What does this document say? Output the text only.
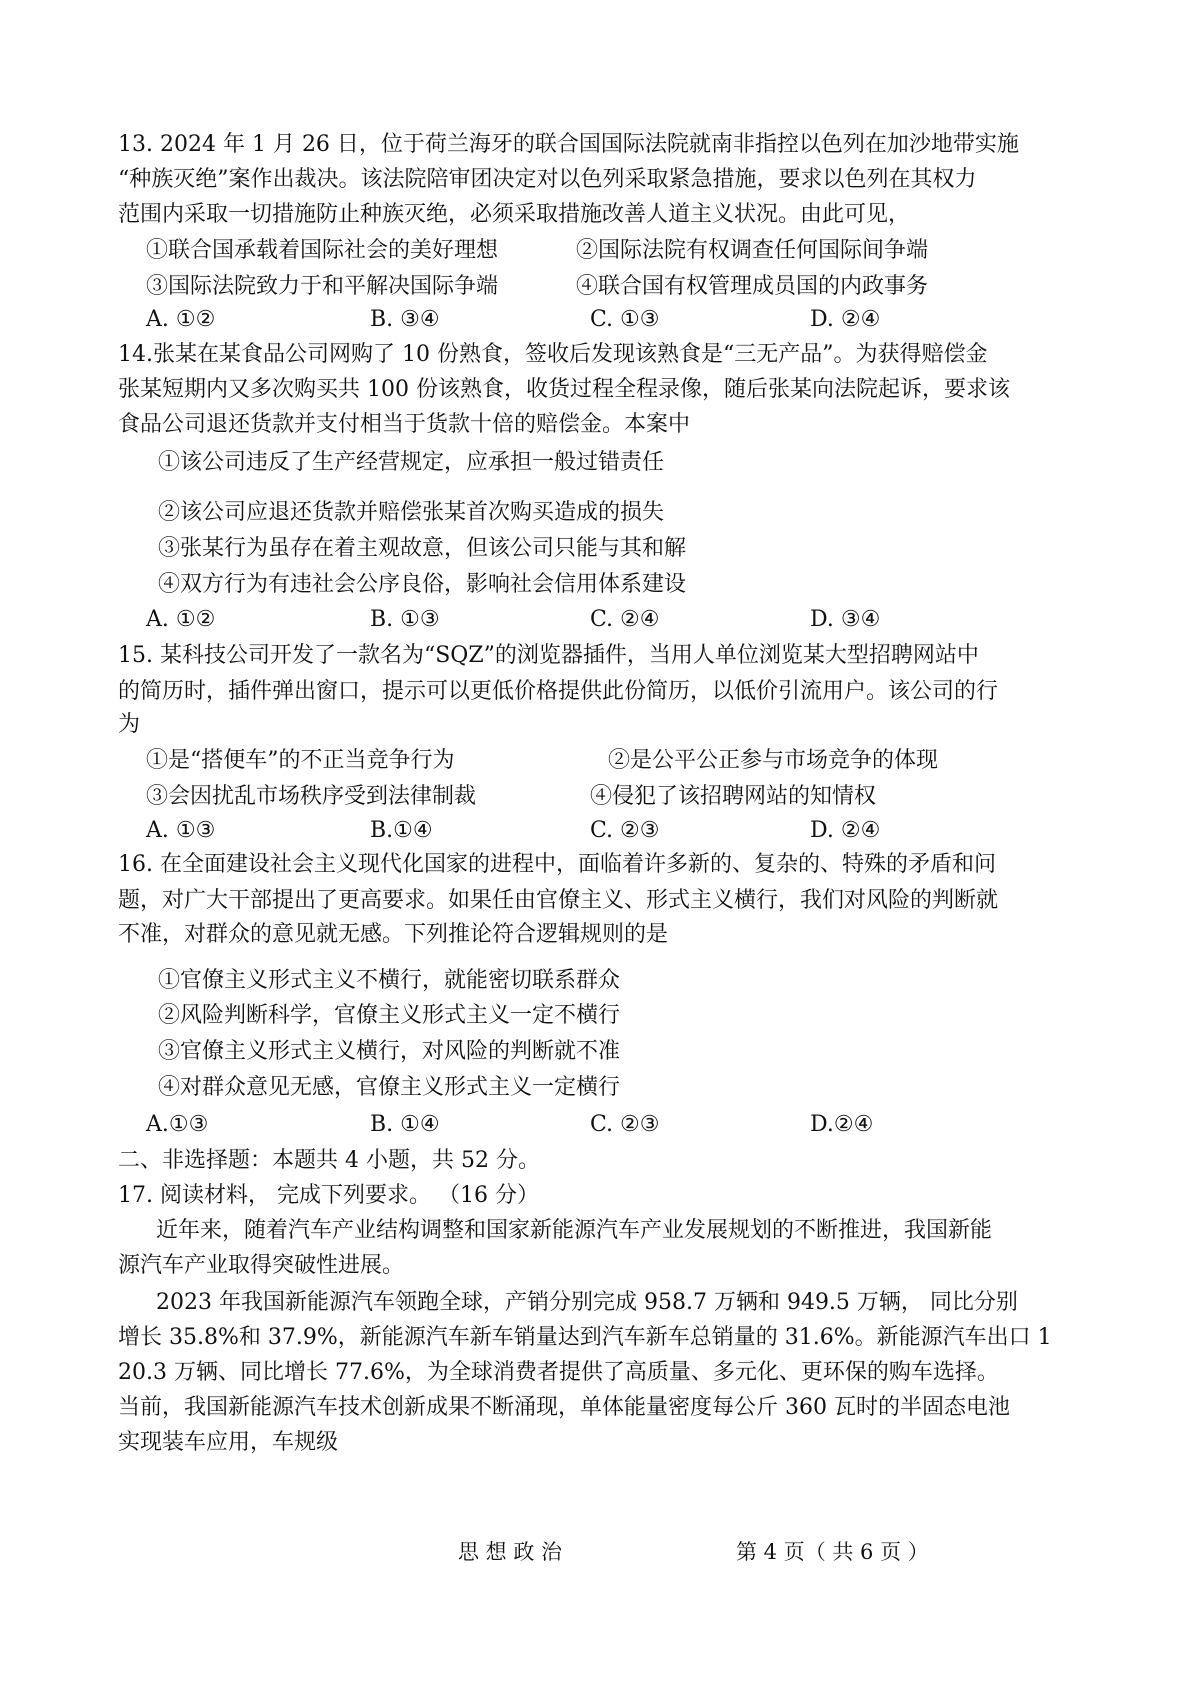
13. 2024 年 1 月 26 日，位于荷兰海牙的联合国国际法院就南非指控以色列在加沙地带实施
“种族灭绝”案作出裁决。该法院陪审团决定对以色列采取紧急措施，要求以色列在其权力
范围内采取一切措施防止种族灭绝，必须采取措施改善人道主义状况。由此可见，
①联合国承载着国际社会的美好理想	②国际法院有权调查任何国际间争端
③国际法院致力于和平解决国际争端	④联合国有权管理成员国的内政事务
A. ①②	B. ③④	C. ①③	D. ②④
14.张某在某食品公司网购了 10 份熟食，签收后发现该熟食是“三无产品”。为获得赔偿金
张某短期内又多次购买共 100 份该熟食，收货过程全程录像，随后张某向法院起诉，要求该
食品公司退还货款并支付相当于货款十倍的赔偿金。本案中
①该公司违反了生产经营规定，应承担一般过错责任
②该公司应退还货款并赔偿张某首次购买造成的损失
③张某行为虽存在着主观故意，但该公司只能与其和解
④双方行为有违社会公序良俗，影响社会信用体系建设
A. ①②	B. ①③	C. ②④	D. ③④
15. 某科技公司开发了一款名为“SQZ”的浏览器插件，当用人单位浏览某大型招聘网站中
的简历时，插件弹出窗口，提示可以更低价格提供此份简历，以低价引流用户。该公司的行
为
①是“搭便车”的不正当竞争行为	②是公平公正参与市场竞争的体现
③会因扰乱市场秩序受到法律制裁	④侵犯了该招聘网站的知情权
A. ①③	B.①④	C. ②③	D. ②④
16. 在全面建设社会主义现代化国家的进程中，面临着许多新的、复杂的、特殊的矛盾和问
题，对广大干部提出了更高要求。如果任由官僚主义、形式主义横行，我们对风险的判断就
不准，对群众的意见就无感。下列推论符合逻辑规则的是
①官僚主义形式主义不横行，就能密切联系群众
②风险判断科学，官僚主义形式主义一定不横行
③官僚主义形式主义横行，对风险的判断就不准
④对群众意见无感，官僚主义形式主义一定横行
A.①③	B. ①④	C. ②③	D.②④
二、非选择题：本题共 4 小题，共 52 分。
17. 阅读材料， 完成下列要求。 （16 分）
近年来，随着汽车产业结构调整和国家新能源汽车产业发展规划的不断推进，我国新能
源汽车产业取得突破性进展。
2023 年我国新能源汽车领跑全球，产销分别完成 958.7 万辆和 949.5 万辆， 同比分别
增长 35.8%和 37.9%，新能源汽车新车销量达到汽车新车总销量的 31.6%。新能源汽车出口 1
20.3 万辆、同比增长 77.6%，为全球消费者提供了高质量、多元化、更环保的购车选择。
当前，我国新能源汽车技术创新成果不断涌现，单体能量密度每公斤 360 瓦时的半固态电池
实现装车应用，车规级
思 想 政 治	第 4 页（ 共 6 页 ）
